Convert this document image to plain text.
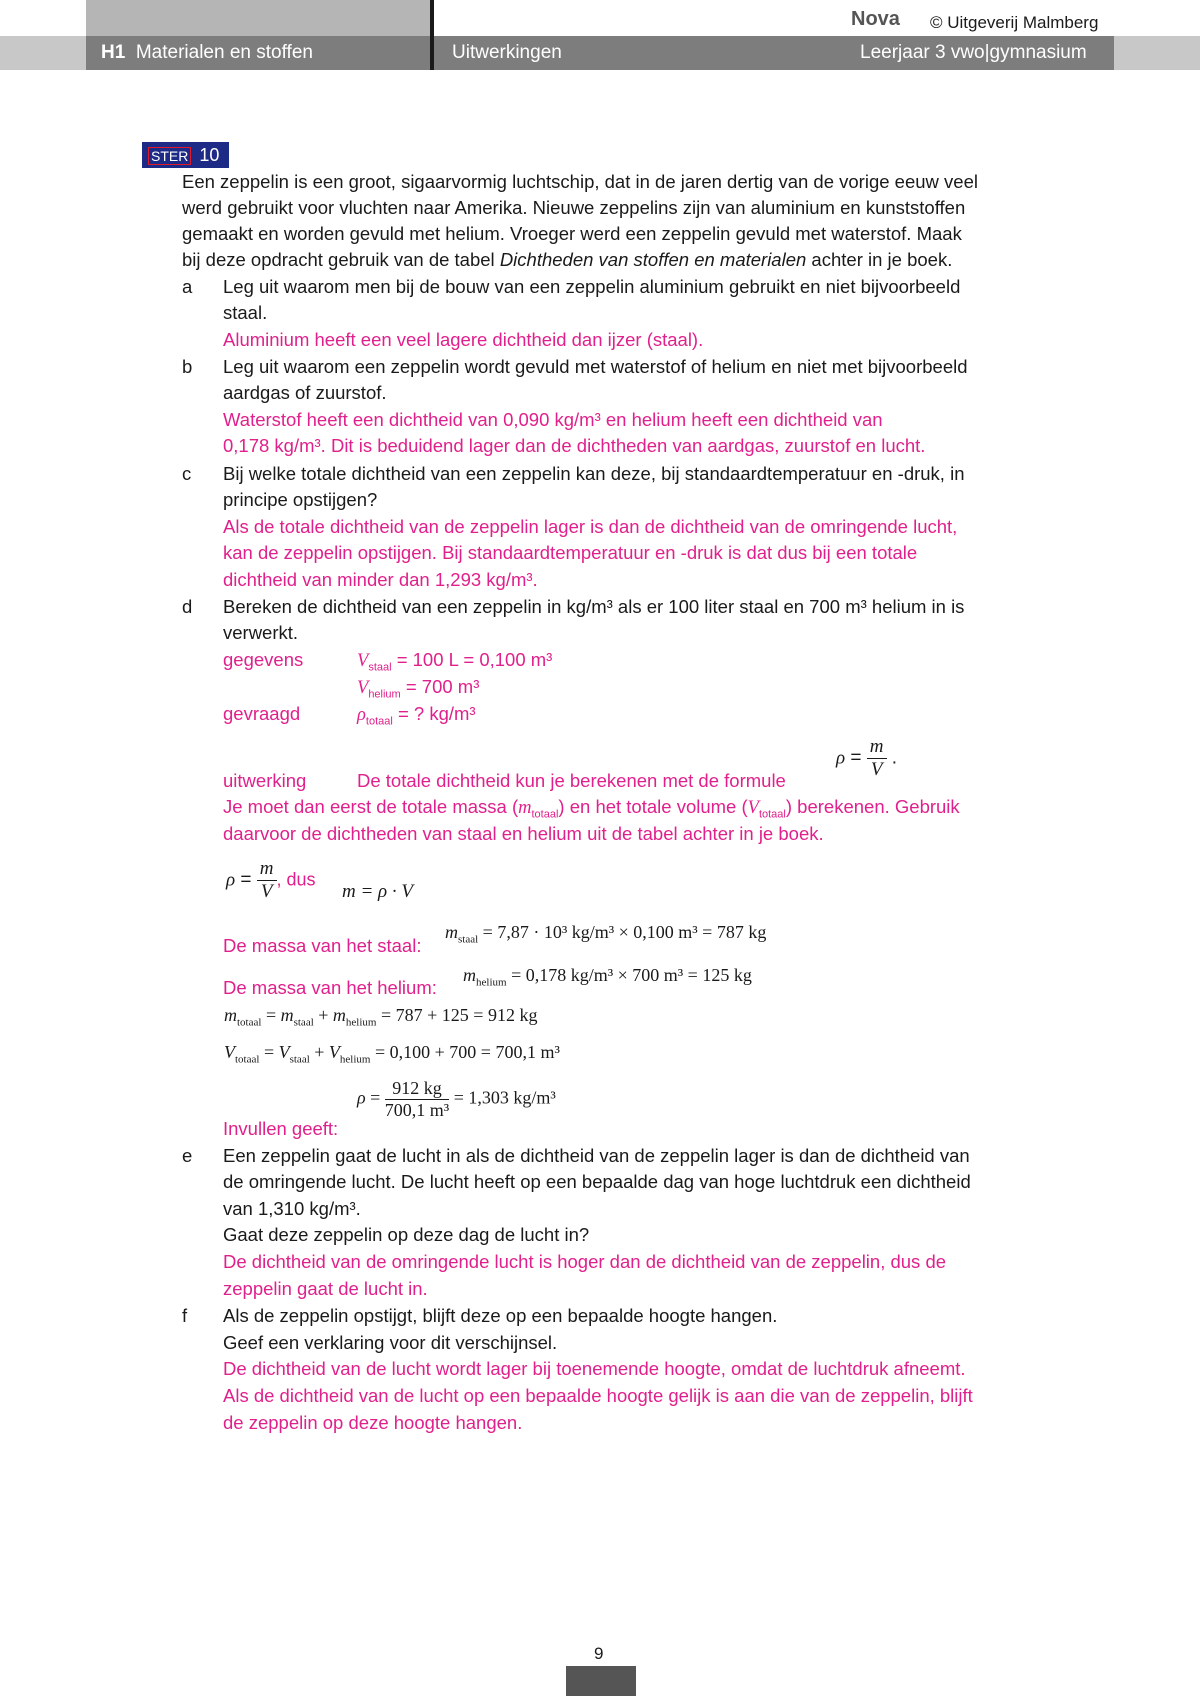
H1 Materialen en stoffen	Uitwerkingen	Leerjaar 3 vwo|gymnasium
Nova © Uitgeverij Malmberg
STER 10
Een zeppelin is een groot, sigaarvormig luchtschip, dat in de jaren dertig van de vorige eeuw veel
werd gebruikt voor vluchten naar Amerika. Nieuwe zeppelins zijn van aluminium en kunststoffen
gemaakt en worden gevuld met helium. Vroeger werd een zeppelin gevuld met waterstof. Maak
bij deze opdracht gebruik van de tabel Dichtheden van stoffen en materialen achter in je boek.
a Leg uit waarom men bij de bouw van een zeppelin aluminium gebruikt en niet bijvoorbeeld
staal.
Aluminium heeft een veel lagere dichtheid dan ijzer (staal).
b Leg uit waarom een zeppelin wordt gevuld met waterstof of helium en niet met bijvoorbeeld
aardgas of zuurstof.
Waterstof heeft een dichtheid van 0,090 kg/m³ en helium heeft een dichtheid van
0,178 kg/m³. Dit is beduidend lager dan de dichtheden van aardgas, zuurstof en lucht.
c Bij welke totale dichtheid van een zeppelin kan deze, bij standaardtemperatuur en -druk, in
principe opstijgen?
Als de totale dichtheid van de zeppelin lager is dan de dichtheid van de omringende lucht,
kan de zeppelin opstijgen. Bij standaardtemperatuur en -druk is dat dus bij een totale
dichtheid van minder dan 1,293 kg/m³.
d Bereken de dichtheid van een zeppelin in kg/m³ als er 100 liter staal en 700 m³ helium in is
verwerkt.
gegevens	$V_{staal} = 100$ L = 0,100 m³
$V_{helium} = 700$ m³
gevraagd	$\rho_{totaal}$ = ? kg/m³
uitwerking	De totale dichtheid kun je berekenen met de formule
$\rho = \frac{m}{V}$ .
Je moet dan eerst de totale massa $(m_{totaal})$ en het totale volume $(V_{totaal})$ berekenen. Gebruik
daarvoor de dichtheden van staal en helium uit de tabel achter in je boek.
$\rho = \frac{m}{V}$ , dus
m = ρ · V
De massa van het staal:
$m_{staal} = 7,87 \cdot 10^3$ kg/m³ × 0,100 m³ = 787 kg
De massa van het helium:
$m_{helium} = 0,178$ kg/m³ × 700 m³ = 125 kg
$m_{totaal} = m_{staal} + m_{helium} = 787 + 125 = 912$ kg
$V_{totaal} = V_{staal} + V_{helium} = 0,100 + 700 = 700,1$ m³
$\rho = \frac{912 kg}{\text{700,1 m³}} = 1,303$ kg/m³
Invullen geeft:
e Een zeppelin gaat de lucht in als de dichtheid van de zeppelin lager is dan de dichtheid van
de omringende lucht. De lucht heeft op een bepaalde dag van hoge luchtdruk een dichtheid
van 1,310 kg/m³.
Gaat deze zeppelin op deze dag de lucht in?
De dichtheid van de omringende lucht is hoger dan de dichtheid van de zeppelin, dus de
zeppelin gaat de lucht in.
f Als de zeppelin opstijgt, blijft deze op een bepaalde hoogte hangen.
Geef een verklaring voor dit verschijnsel.
De dichtheid van de lucht wordt lager bij toenemende hoogte, omdat de luchtdruk afneemt.
Als de dichtheid van de lucht op een bepaalde hoogte gelijk is aan die van de zeppelin, blijft
de zeppelin op deze hoogte hangen.
9
